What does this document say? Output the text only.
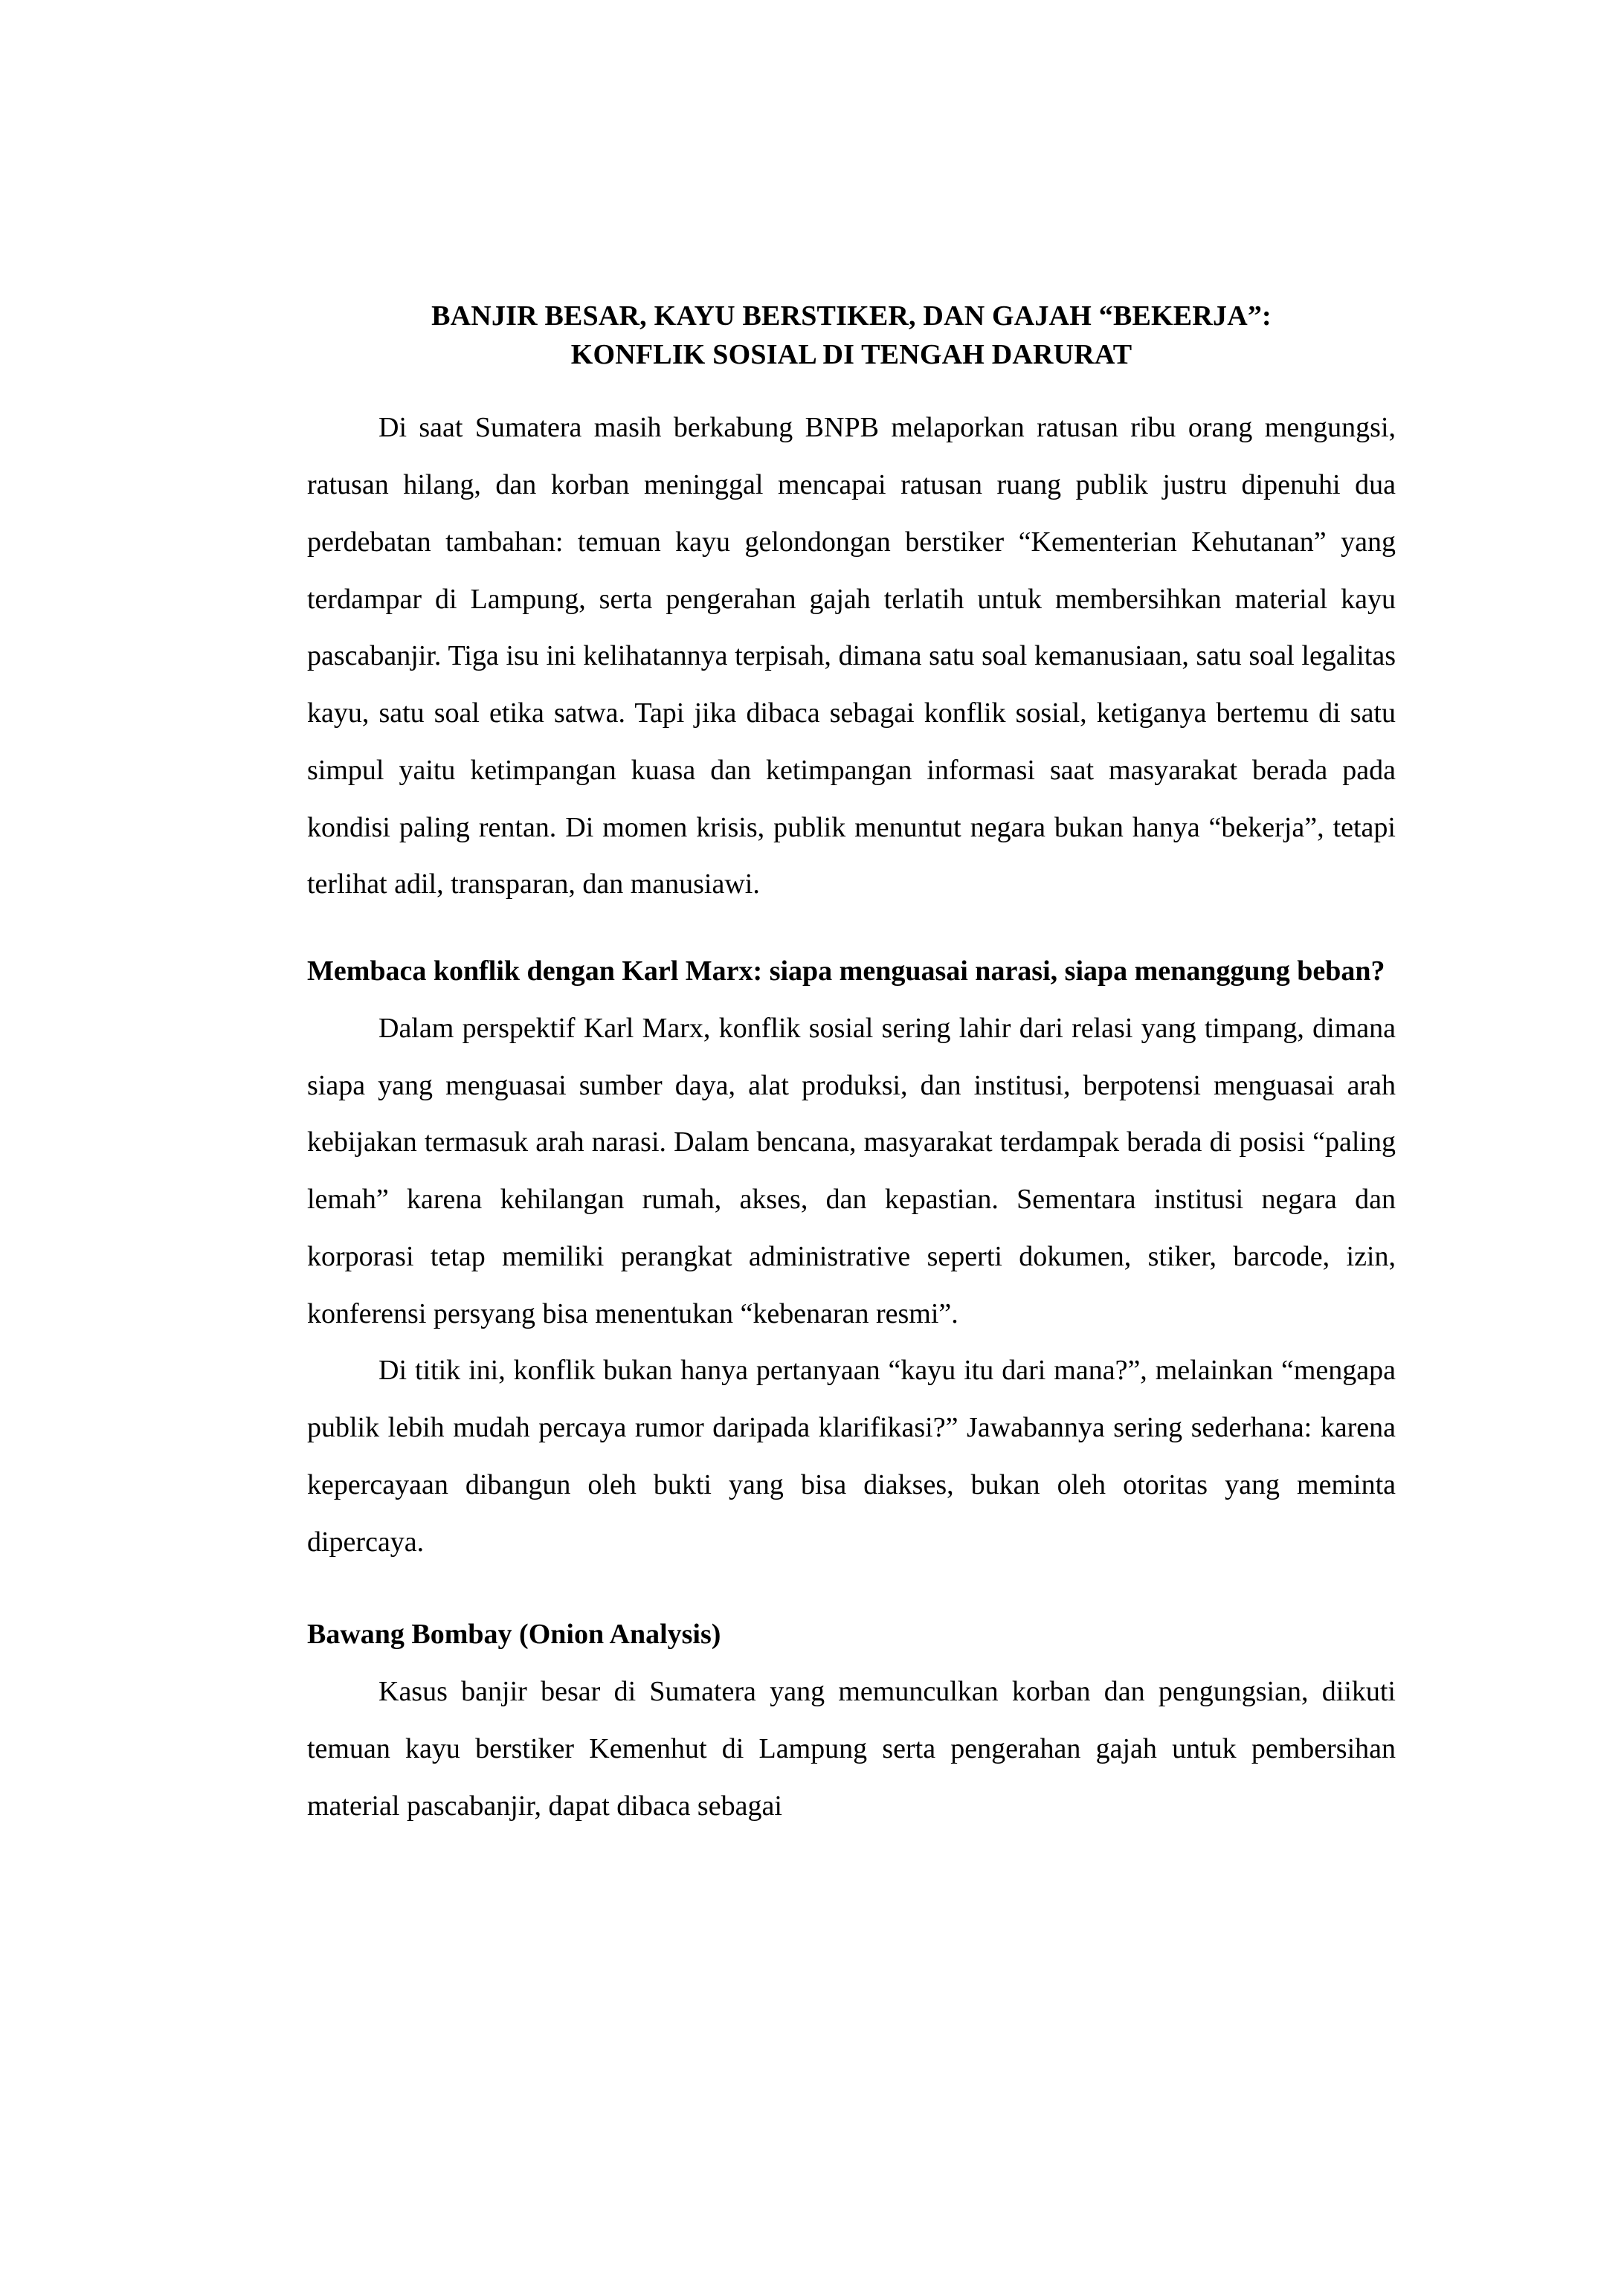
BANJIR BESAR, KAYU BERSTIKER, DAN GAJAH “BEKERJA”:
KONFLIK SOSIAL DI TENGAH DARURAT

Di saat Sumatera masih berkabung BNPB melaporkan ratusan ribu orang mengungsi, ratusan hilang, dan korban meninggal mencapai ratusan ruang publik justru dipenuhi dua perdebatan tambahan: temuan kayu gelondongan berstiker “Kementerian Kehutanan” yang terdampar di Lampung, serta pengerahan gajah terlatih untuk membersihkan material kayu pascabanjir. Tiga isu ini kelihatannya terpisah, dimana satu soal kemanusiaan, satu soal legalitas kayu, satu soal etika satwa. Tapi jika dibaca sebagai konflik sosial, ketiganya bertemu di satu simpul yaitu ketimpangan kuasa dan ketimpangan informasi saat masyarakat berada pada kondisi paling rentan. Di momen krisis, publik menuntut negara bukan hanya “bekerja”, tetapi terlihat adil, transparan, dan manusiawi.

Membaca konflik dengan Karl Marx: siapa menguasai narasi, siapa menanggung beban?

Dalam perspektif Karl Marx, konflik sosial sering lahir dari relasi yang timpang, dimana siapa yang menguasai sumber daya, alat produksi, dan institusi, berpotensi menguasai arah kebijakan termasuk arah narasi. Dalam bencana, masyarakat terdampak berada di posisi “paling lemah” karena kehilangan rumah, akses, dan kepastian. Sementara institusi negara dan korporasi tetap memiliki perangkat administrative seperti dokumen, stiker, barcode, izin, konferensi persyang bisa menentukan “kebenaran resmi”.

Di titik ini, konflik bukan hanya pertanyaan “kayu itu dari mana?”, melainkan “mengapa publik lebih mudah percaya rumor daripada klarifikasi?” Jawabannya sering sederhana: karena kepercayaan dibangun oleh bukti yang bisa diakses, bukan oleh otoritas yang meminta dipercaya.

Bawang Bombay (Onion Analysis)

Kasus banjir besar di Sumatera yang memunculkan korban dan pengungsian, diikuti temuan kayu berstiker Kemenhut di Lampung serta pengerahan gajah untuk pembersihan material pascabanjir, dapat dibaca sebagai
